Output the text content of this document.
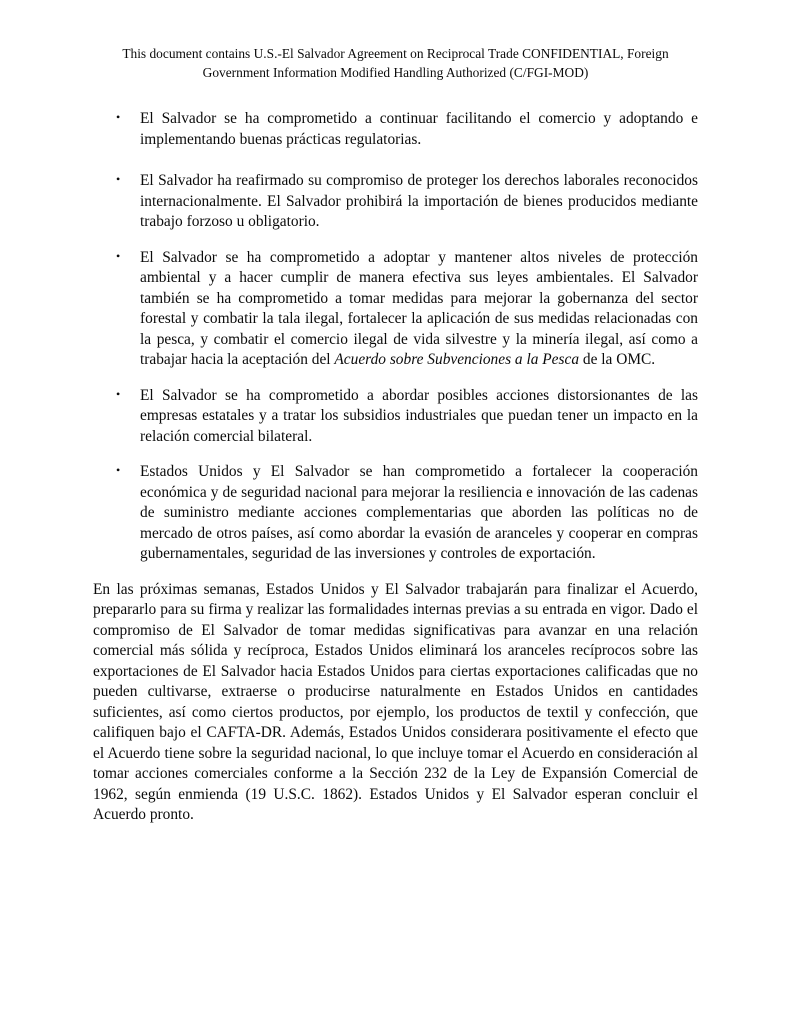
This document contains U.S.-El Salvador Agreement on Reciprocal Trade CONFIDENTIAL, Foreign Government Information Modified Handling Authorized (C/FGI-MOD)

• El Salvador se ha comprometido a continuar facilitando el comercio y adoptando e implementando buenas prácticas regulatorias.
• El Salvador ha reafirmado su compromiso de proteger los derechos laborales reconocidos internacionalmente. El Salvador prohibirá la importación de bienes producidos mediante trabajo forzoso u obligatorio.
• El Salvador se ha comprometido a adoptar y mantener altos niveles de protección ambiental y a hacer cumplir de manera efectiva sus leyes ambientales. El Salvador también se ha comprometido a tomar medidas para mejorar la gobernanza del sector forestal y combatir la tala ilegal, fortalecer la aplicación de sus medidas relacionadas con la pesca, y combatir el comercio ilegal de vida silvestre y la minería ilegal, así como a trabajar hacia la aceptación del Acuerdo sobre Subvenciones a la Pesca de la OMC.
• El Salvador se ha comprometido a abordar posibles acciones distorsionantes de las empresas estatales y a tratar los subsidios industriales que puedan tener un impacto en la relación comercial bilateral.
• Estados Unidos y El Salvador se han comprometido a fortalecer la cooperación económica y de seguridad nacional para mejorar la resiliencia e innovación de las cadenas de suministro mediante acciones complementarias que aborden las políticas no de mercado de otros países, así como abordar la evasión de aranceles y cooperar en compras gubernamentales, seguridad de las inversiones y controles de exportación.

En las próximas semanas, Estados Unidos y El Salvador trabajarán para finalizar el Acuerdo, prepararlo para su firma y realizar las formalidades internas previas a su entrada en vigor. Dado el compromiso de El Salvador de tomar medidas significativas para avanzar en una relación comercial más sólida y recíproca, Estados Unidos eliminará los aranceles recíprocos sobre las exportaciones de El Salvador hacia Estados Unidos para ciertas exportaciones calificadas que no pueden cultivarse, extraerse o producirse naturalmente en Estados Unidos en cantidades suficientes, así como ciertos productos, por ejemplo, los productos de textil y confección, que califiquen bajo el CAFTA-DR. Además, Estados Unidos considerara positivamente el efecto que el Acuerdo tiene sobre la seguridad nacional, lo que incluye tomar el Acuerdo en consideración al tomar acciones comerciales conforme a la Sección 232 de la Ley de Expansión Comercial de 1962, según enmienda (19 U.S.C. 1862). Estados Unidos y El Salvador esperan concluir el Acuerdo pronto.
